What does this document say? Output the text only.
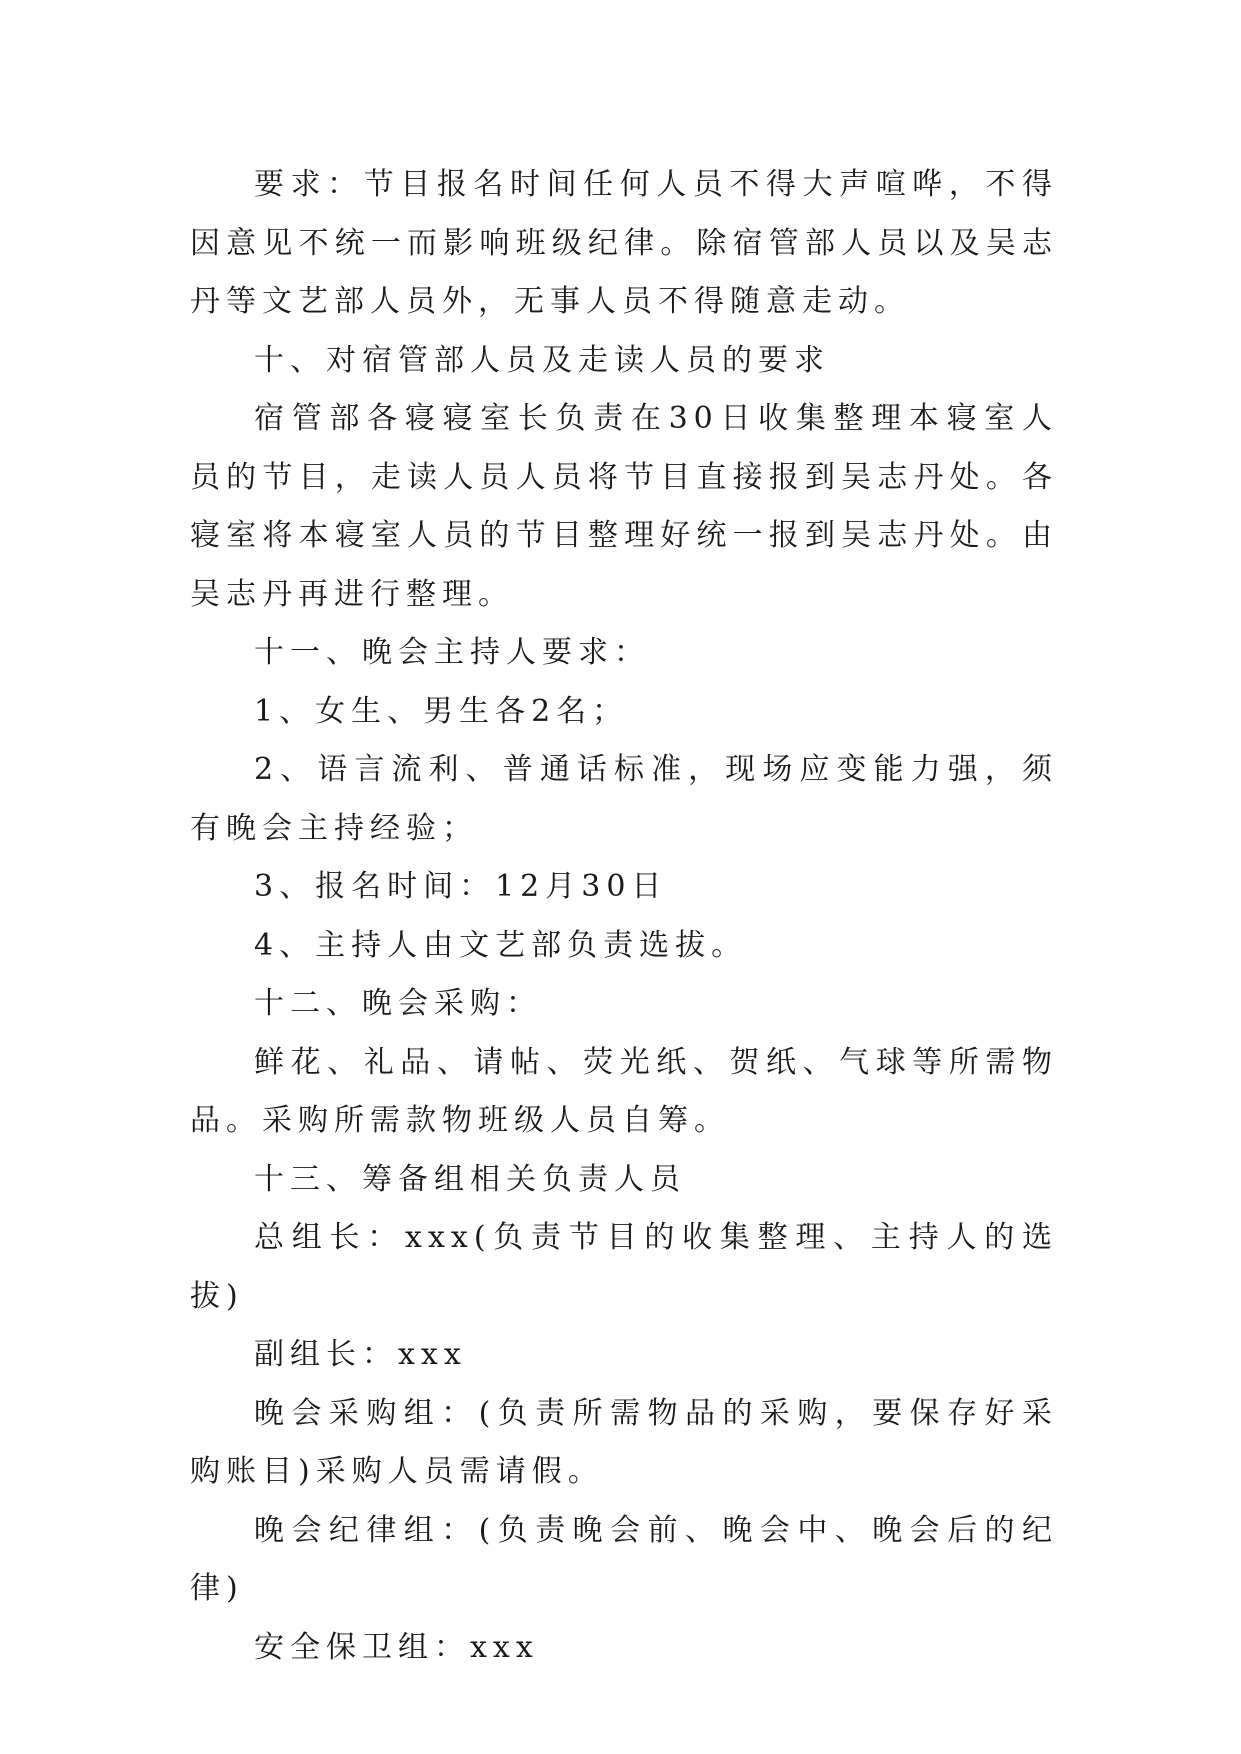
要求：节目报名时间任何人员不得大声喧哗，不得因意见不统一而影响班级纪律。除宿管部人员以及吴志丹等文艺部人员外，无事人员不得随意走动。

十、对宿管部人员及走读人员的要求

宿管部各寝寝室长负责在30日收集整理本寝室人员的节目，走读人员人员将节目直接报到吴志丹处。各寝室将本寝室人员的节目整理好统一报到吴志丹处。由吴志丹再进行整理。

十一、晚会主持人要求：

1、女生、男生各2名；

2、语言流利、普通话标准，现场应变能力强，须有晚会主持经验；

3、报名时间：12月30日

4、主持人由文艺部负责选拔。

十二、晚会采购：

鲜花、礼品、请帖、荧光纸、贺纸、气球等所需物品。采购所需款物班级人员自筹。

十三、筹备组相关负责人员

总组长：xxx(负责节目的收集整理、主持人的选拔)

副组长：xxx

晚会采购组：(负责所需物品的采购，要保存好采购账目)采购人员需请假。

晚会纪律组：(负责晚会前、晚会中、晚会后的纪律)

安全保卫组：xxx
